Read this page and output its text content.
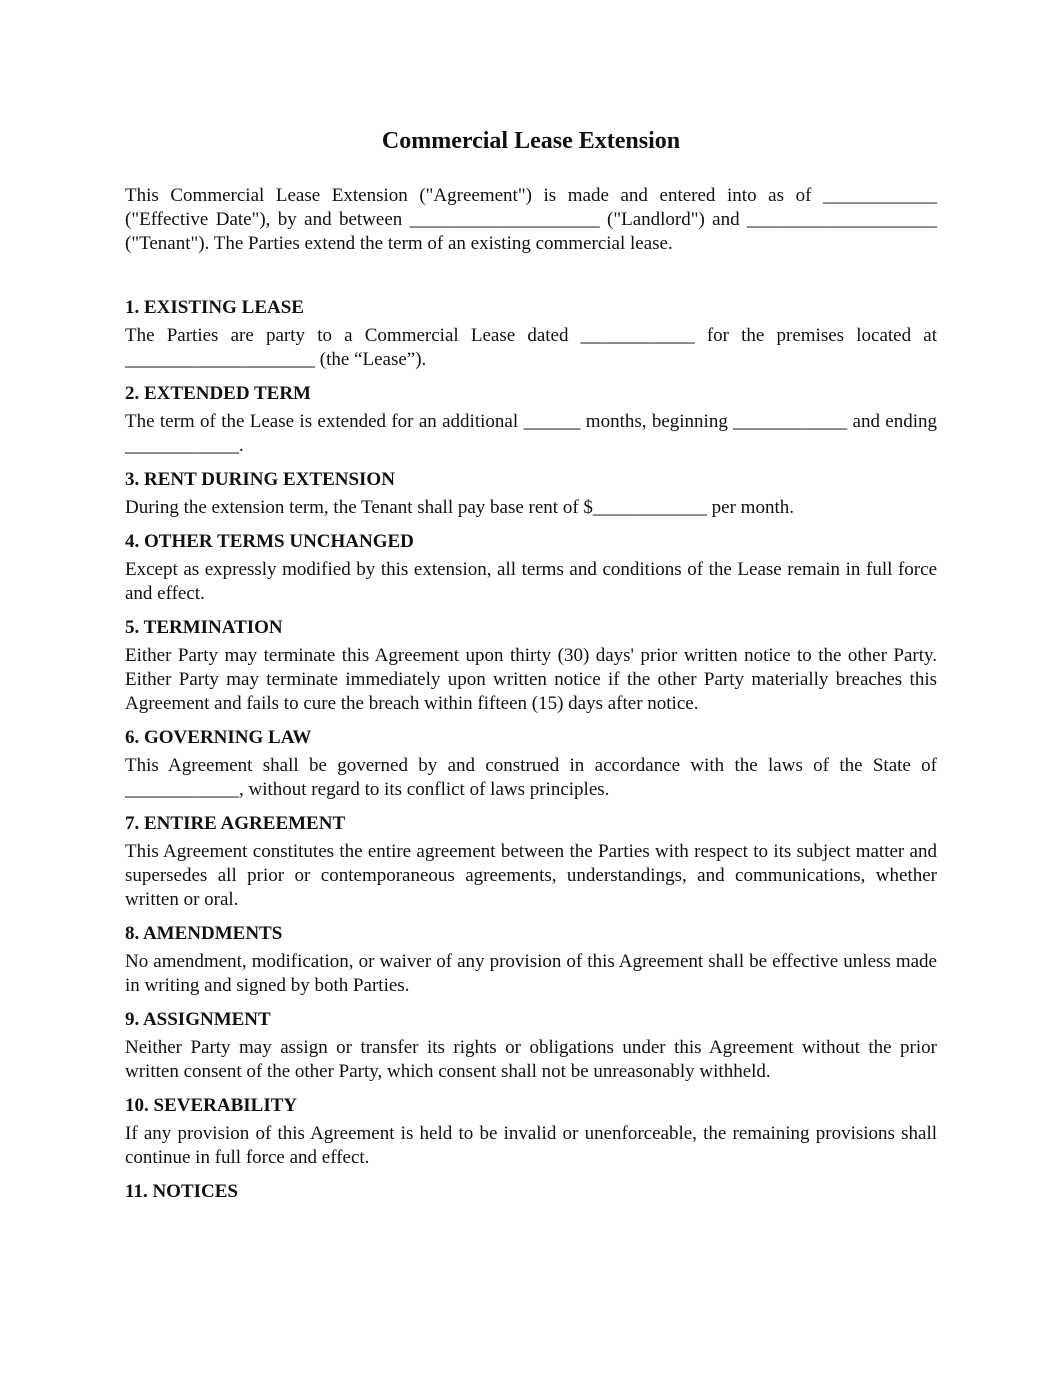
Commercial Lease Extension

This Commercial Lease Extension ("Agreement") is made and entered into as of ____________ ("Effective Date"), by and between ____________________ ("Landlord") and ____________________ ("Tenant"). The Parties extend the term of an existing commercial lease.

1. EXISTING LEASE

The Parties are party to a Commercial Lease dated ____________ for the premises located at ____________________ (the “Lease”).

2. EXTENDED TERM

The term of the Lease is extended for an additional ______ months, beginning ____________ and ending ____________.

3. RENT DURING EXTENSION

During the extension term, the Tenant shall pay base rent of $____________ per month.

4. OTHER TERMS UNCHANGED

Except as expressly modified by this extension, all terms and conditions of the Lease remain in full force and effect.

5. TERMINATION

Either Party may terminate this Agreement upon thirty (30) days' prior written notice to the other Party. Either Party may terminate immediately upon written notice if the other Party materially breaches this Agreement and fails to cure the breach within fifteen (15) days after notice.

6. GOVERNING LAW

This Agreement shall be governed by and construed in accordance with the laws of the State of ____________, without regard to its conflict of laws principles.

7. ENTIRE AGREEMENT

This Agreement constitutes the entire agreement between the Parties with respect to its subject matter and supersedes all prior or contemporaneous agreements, understandings, and communications, whether written or oral.

8. AMENDMENTS

No amendment, modification, or waiver of any provision of this Agreement shall be effective unless made in writing and signed by both Parties.

9. ASSIGNMENT

Neither Party may assign or transfer its rights or obligations under this Agreement without the prior written consent of the other Party, which consent shall not be unreasonably withheld.

10. SEVERABILITY

If any provision of this Agreement is held to be invalid or unenforceable, the remaining provisions shall continue in full force and effect.

11. NOTICES
